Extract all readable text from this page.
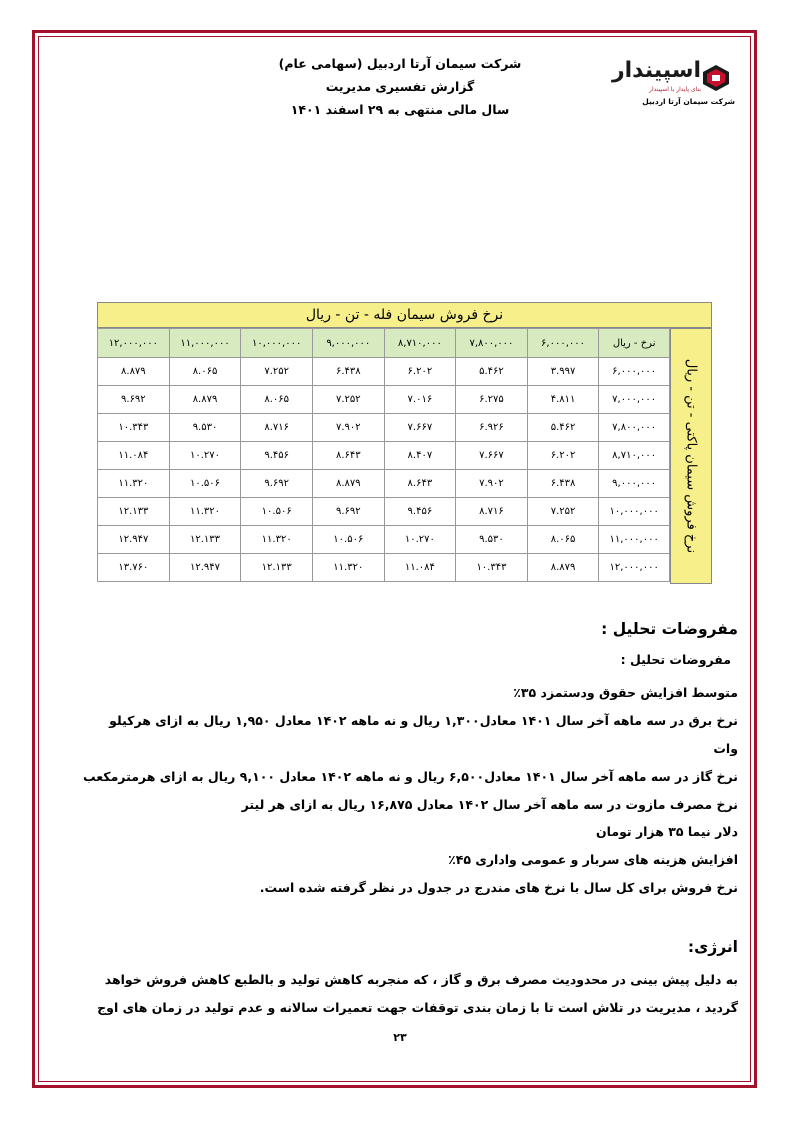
شرکت سیمان آرتا اردبیل (سهامی عام)
گزارش تفسیری مدیریت
سال مالی منتهی به ۲۹ اسفند ۱۴۰۱
اسپیندار
بنای پایدار با اسپیندار
شرکت سیمان آرتا اردبیل
نرخ فروش سیمان فله - تن - ریال
نرخ - ریال	۶,۰۰۰,۰۰۰	۷,۸۰۰,۰۰۰	۸,۷۱۰,۰۰۰	۹,۰۰۰,۰۰۰	۱۰,۰۰۰,۰۰۰	۱۱,۰۰۰,۰۰۰	۱۲,۰۰۰,۰۰۰
۶,۰۰۰,۰۰۰	۳.۹۹۷	۵.۴۶۲	۶.۲۰۲	۶.۴۳۸	۷.۲۵۲	۸.۰۶۵	۸.۸۷۹
۷,۰۰۰,۰۰۰	۴.۸۱۱	۶.۲۷۵	۷.۰۱۶	۷.۲۵۲	۸.۰۶۵	۸.۸۷۹	۹.۶۹۲
۷,۸۰۰,۰۰۰	۵.۴۶۲	۶.۹۲۶	۷.۶۶۷	۷.۹۰۲	۸.۷۱۶	۹.۵۳۰	۱۰.۳۴۳
۸,۷۱۰,۰۰۰	۶.۲۰۲	۷.۶۶۷	۸.۴۰۷	۸.۶۴۳	۹.۴۵۶	۱۰.۲۷۰	۱۱.۰۸۴
۹,۰۰۰,۰۰۰	۶.۴۳۸	۷.۹۰۲	۸.۶۴۳	۸.۸۷۹	۹.۶۹۲	۱۰.۵۰۶	۱۱.۳۲۰
۱۰,۰۰۰,۰۰۰	۷.۲۵۲	۸.۷۱۶	۹.۴۵۶	۹.۶۹۲	۱۰.۵۰۶	۱۱.۳۲۰	۱۲.۱۳۳
۱۱,۰۰۰,۰۰۰	۸.۰۶۵	۹.۵۳۰	۱۰.۲۷۰	۱۰.۵۰۶	۱۱.۳۲۰	۱۲.۱۳۳	۱۲.۹۴۷
۱۲,۰۰۰,۰۰۰	۸.۸۷۹	۱۰.۳۴۳	۱۱.۰۸۴	۱۱.۳۲۰	۱۲.۱۳۳	۱۲.۹۴۷	۱۳.۷۶۰
نرخ فروش سیمان پاکتی - تن - ریال
مفروضات تحلیل :
مفروضات تحلیل :
متوسط افزایش حقوق ودستمزد ۳۵٪
نرخ برق در سه ماهه آخر سال ۱۴۰۱ معادل۱,۳۰۰ ریال و نه ماهه ۱۴۰۲ معادل ۱,۹۵۰ ریال به ازای هرکیلو
وات
نرخ گاز در سه ماهه آخر سال ۱۴۰۱ معادل۶,۵۰۰ ریال و نه ماهه ۱۴۰۲ معادل ۹,۱۰۰ ریال به ازای هرمترمکعب
نرخ مصرف مازوت در سه ماهه آخر سال ۱۴۰۲ معادل ۱۶,۸۷۵ ریال به ازای هر لیتر
دلار نیما ۳۵ هزار تومان
افزایش هزینه های سربار و عمومی واداری ۴۵٪
نرخ فروش برای کل سال با نرخ های مندرج در جدول در نظر گرفته شده است.
انرژی:
به دلیل پیش بینی در محدودیت مصرف برق و گاز ، که منجربه کاهش تولید و بالطبع کاهش فروش خواهد
گردید ، مدیریت در تلاش است تا با زمان بندی توقفات جهت تعمیرات سالانه و عدم تولید در زمان های اوج
۲۳
